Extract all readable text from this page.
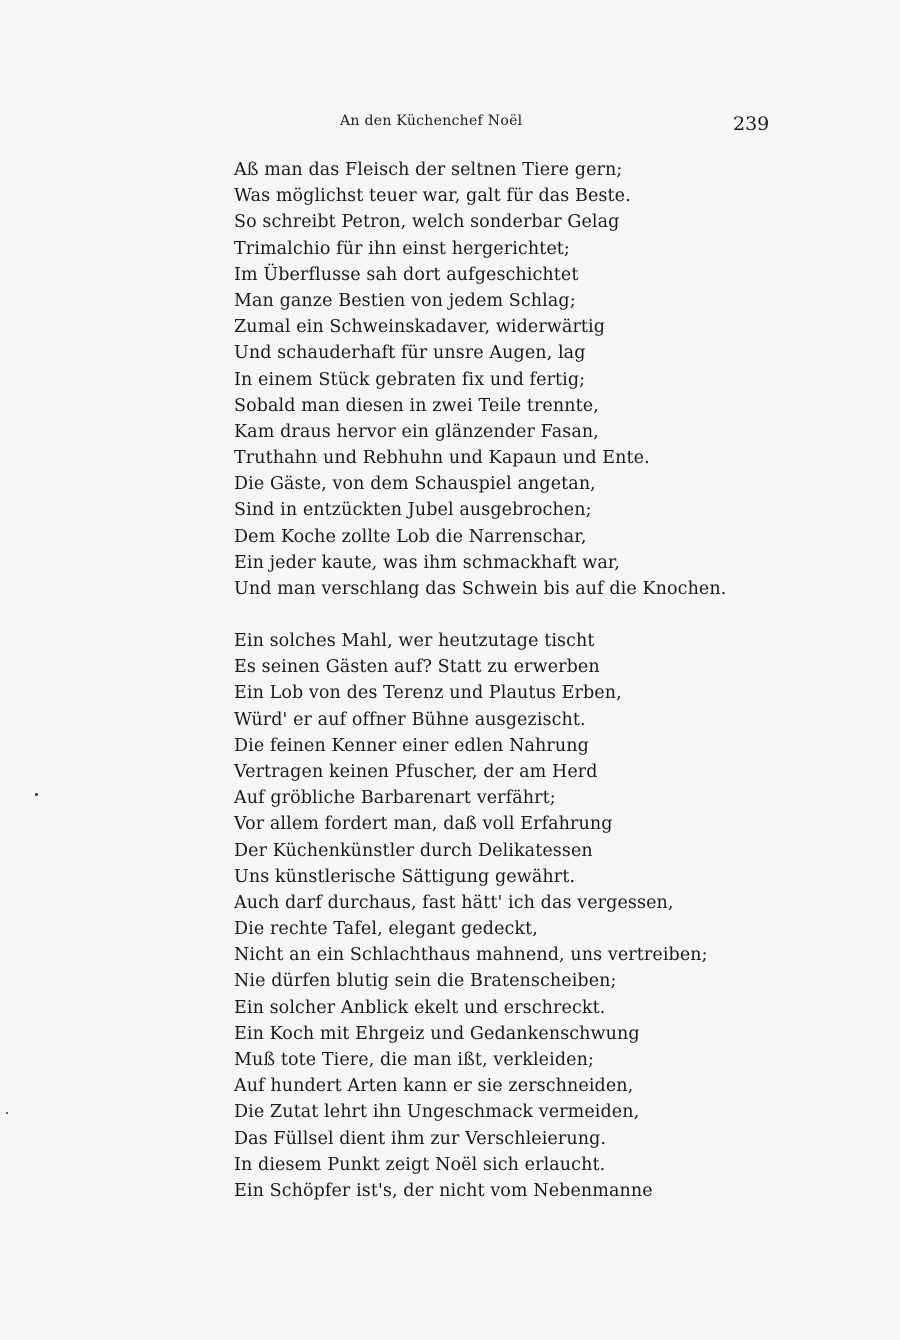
An den Küchenchef Noël	239
Aß man das Fleisch der seltnen Tiere gern;
Was möglichst teuer war, galt für das Beste.
So schreibt Petron, welch sonderbar Gelag
Trimalchio für ihn einst hergerichtet;
Im Überflusse sah dort aufgeschichtet
Man ganze Bestien von jedem Schlag;
Zumal ein Schweinskadaver, widerwärtig
Und schauderhaft für unsre Augen, lag
In einem Stück gebraten fix und fertig;
Sobald man diesen in zwei Teile trennte,
Kam draus hervor ein glänzender Fasan,
Truthahn und Rebhuhn und Kapaun und Ente.
Die Gäste, von dem Schauspiel angetan,
Sind in entzückten Jubel ausgebrochen;
Dem Koche zollte Lob die Narrenschar,
Ein jeder kaute, was ihm schmackhaft war,
Und man verschlang das Schwein bis auf die Knochen.
Ein solches Mahl, wer heutzutage tischt
Es seinen Gästen auf? Statt zu erwerben
Ein Lob von des Terenz und Plautus Erben,
Würd' er auf offner Bühne ausgezischt.
Die feinen Kenner einer edlen Nahrung
Vertragen keinen Pfuscher, der am Herd
Auf gröbliche Barbarenart verfährt;
Vor allem fordert man, daß voll Erfahrung
Der Küchenkünstler durch Delikatessen
Uns künstlerische Sättigung gewährt.
Auch darf durchaus, fast hätt' ich das vergessen,
Die rechte Tafel, elegant gedeckt,
Nicht an ein Schlachthaus mahnend, uns vertreiben;
Nie dürfen blutig sein die Bratenscheiben;
Ein solcher Anblick ekelt und erschreckt.
Ein Koch mit Ehrgeiz und Gedankenschwung
Muß tote Tiere, die man ißt, verkleiden;
Auf hundert Arten kann er sie zerschneiden,
Die Zutat lehrt ihn Ungeschmack vermeiden,
Das Füllsel dient ihm zur Verschleierung.
In diesem Punkt zeigt Noël sich erlaucht.
Ein Schöpfer ist's, der nicht vom Nebenmanne
